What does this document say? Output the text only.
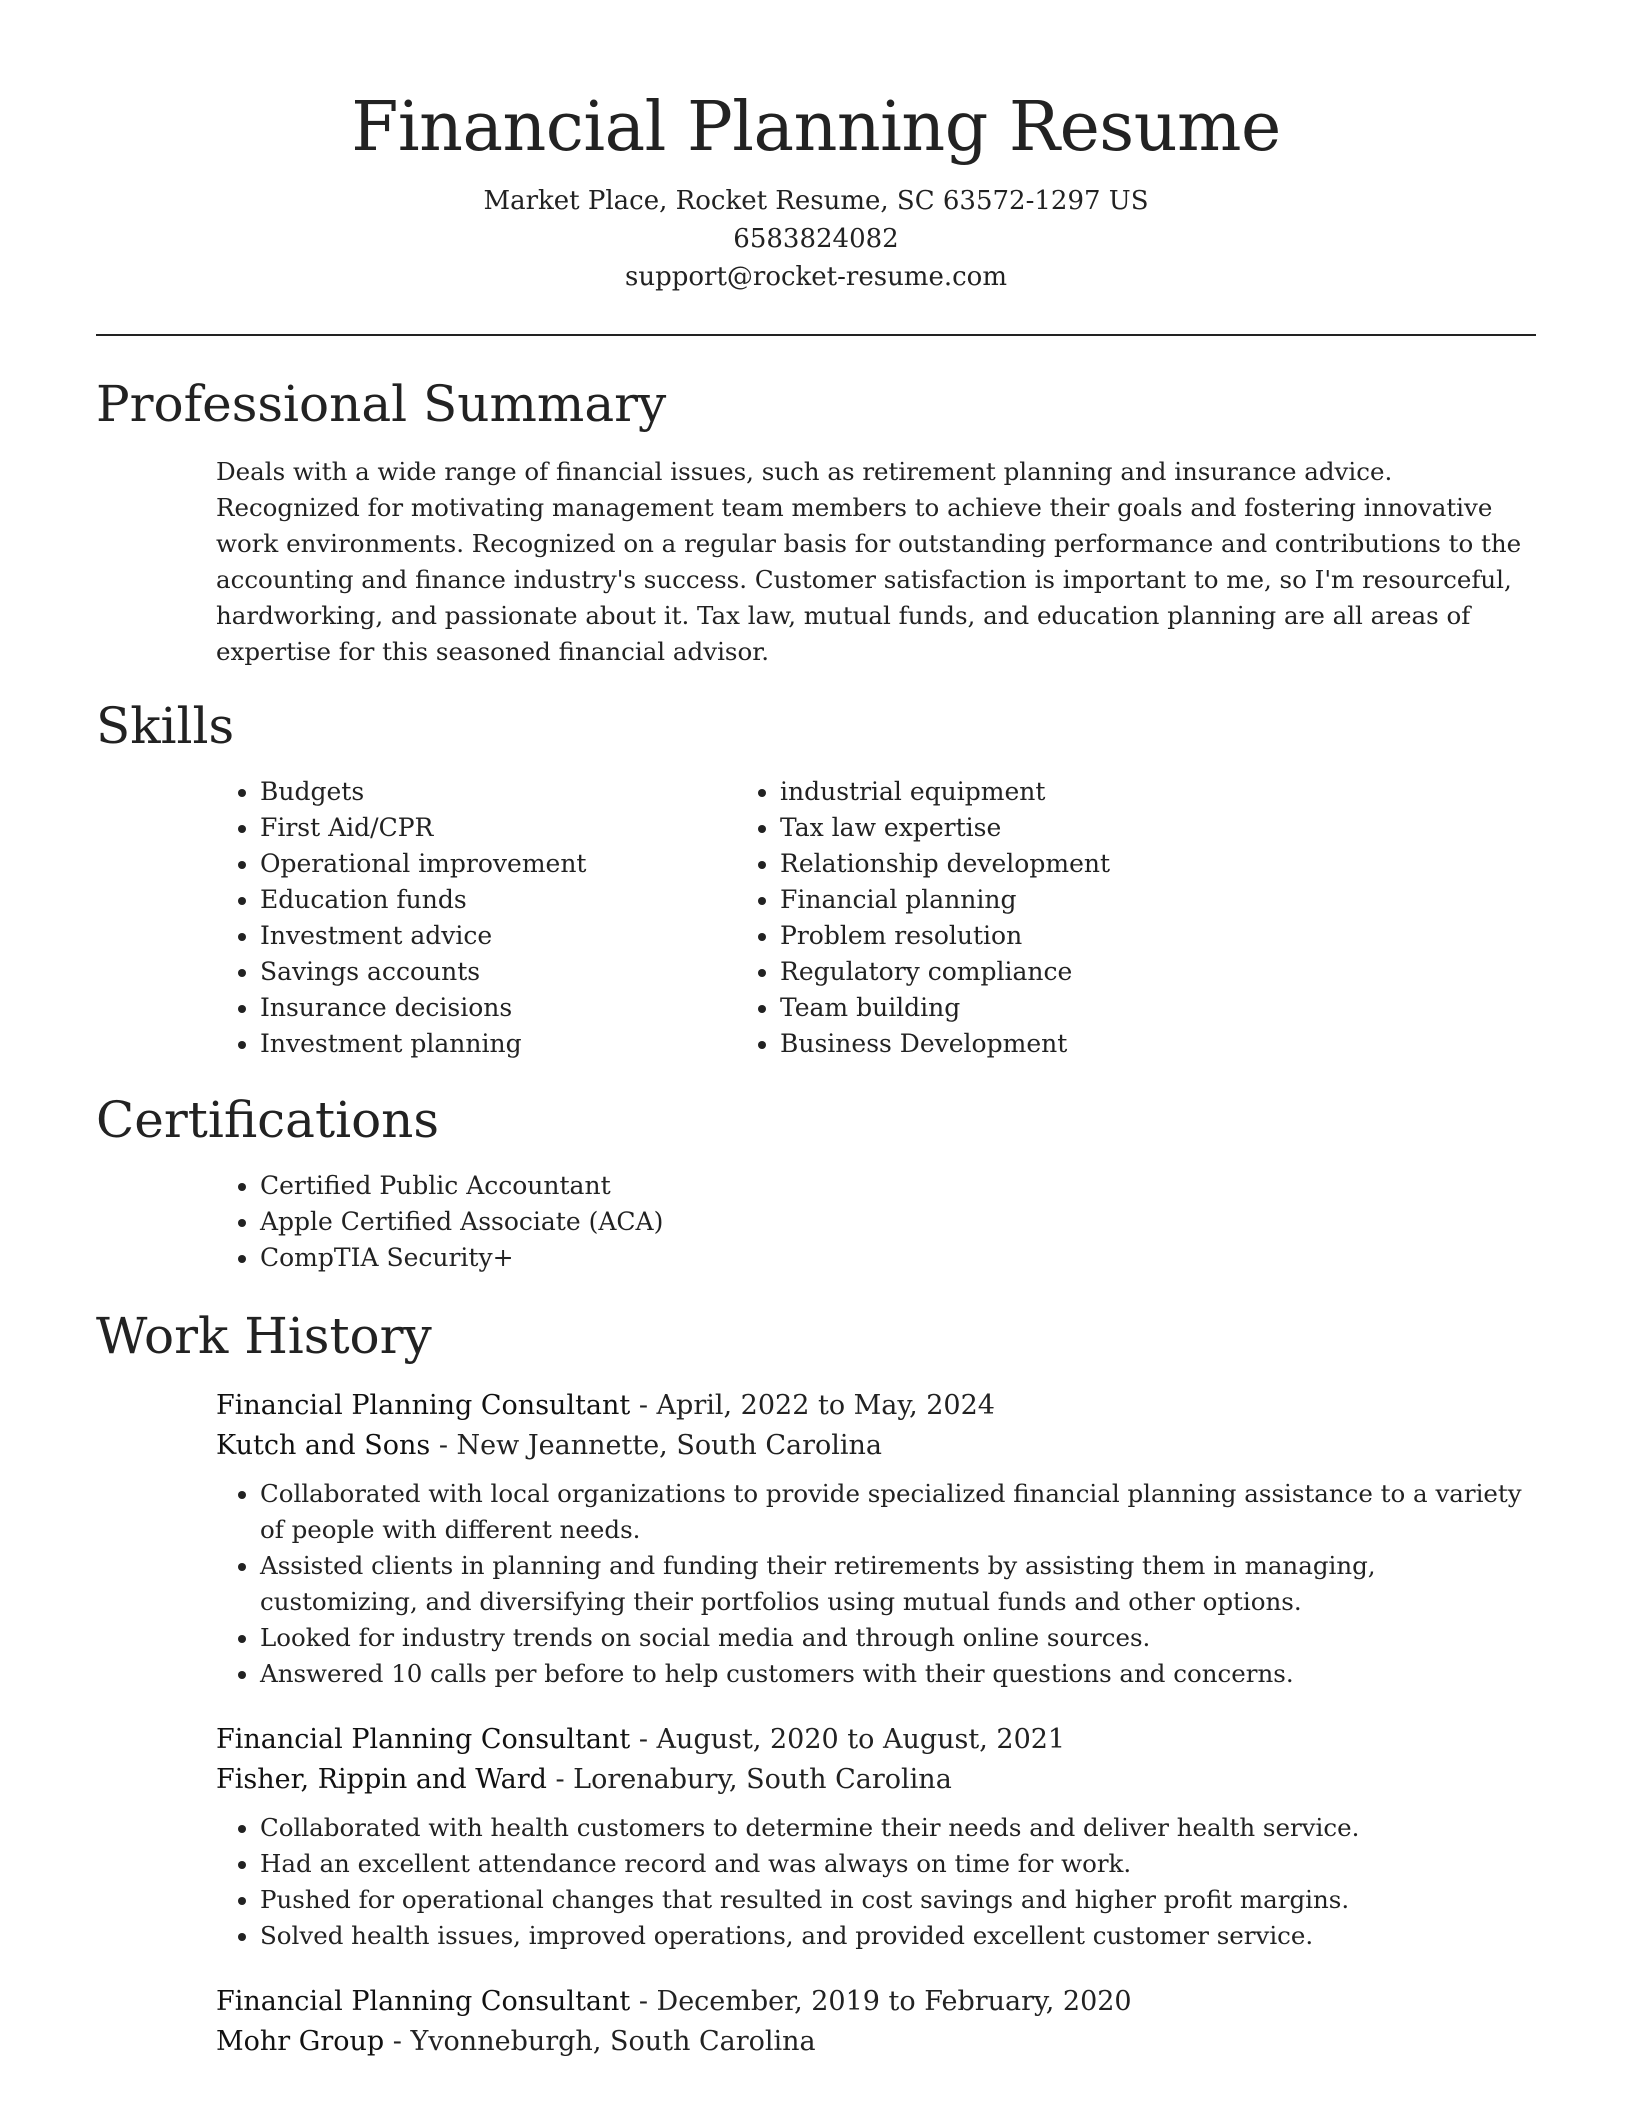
Financial Planning Resume
Market Place, Rocket Resume, SC 63572-1297 US
6583824082
support@rocket-resume.com
Professional Summary

Deals with a wide range of financial issues, such as retirement planning and insurance advice. Recognized for motivating management team members to achieve their goals and fostering innovative work environments. Recognized on a regular basis for outstanding performance and contributions to the accounting and finance industry's success. Customer satisfaction is important to me, so I'm resourceful, hardworking, and passionate about it. Tax law, mutual funds, and education planning are all areas of expertise for this seasoned financial advisor.

Skills
• Budgets
• First Aid/CPR
• Operational improvement
• Education funds
• Investment advice
• Savings accounts
• Insurance decisions
• Investment planning
• industrial equipment
• Tax law expertise
• Relationship development
• Financial planning
• Problem resolution
• Regulatory compliance
• Team building
• Business Development
Certifications
• Certified Public Accountant
• Apple Certified Associate (ACA)
• CompTIA Security+
Work History
Financial Planning Consultant - April, 2022 to May, 2024
Kutch and Sons - New Jeannette, South Carolina
• Collaborated with local organizations to provide specialized financial planning assistance to a variety of people with different needs.
• Assisted clients in planning and funding their retirements by assisting them in managing, customizing, and diversifying their portfolios using mutual funds and other options.
• Looked for industry trends on social media and through online sources.
• Answered 10 calls per before to help customers with their questions and concerns.
Financial Planning Consultant - August, 2020 to August, 2021
Fisher, Rippin and Ward - Lorenabury, South Carolina
• Collaborated with health customers to determine their needs and deliver health service.
• Had an excellent attendance record and was always on time for work.
• Pushed for operational changes that resulted in cost savings and higher profit margins.
• Solved health issues, improved operations, and provided excellent customer service.
Financial Planning Consultant - December, 2019 to February, 2020
Mohr Group - Yvonneburgh, South Carolina
